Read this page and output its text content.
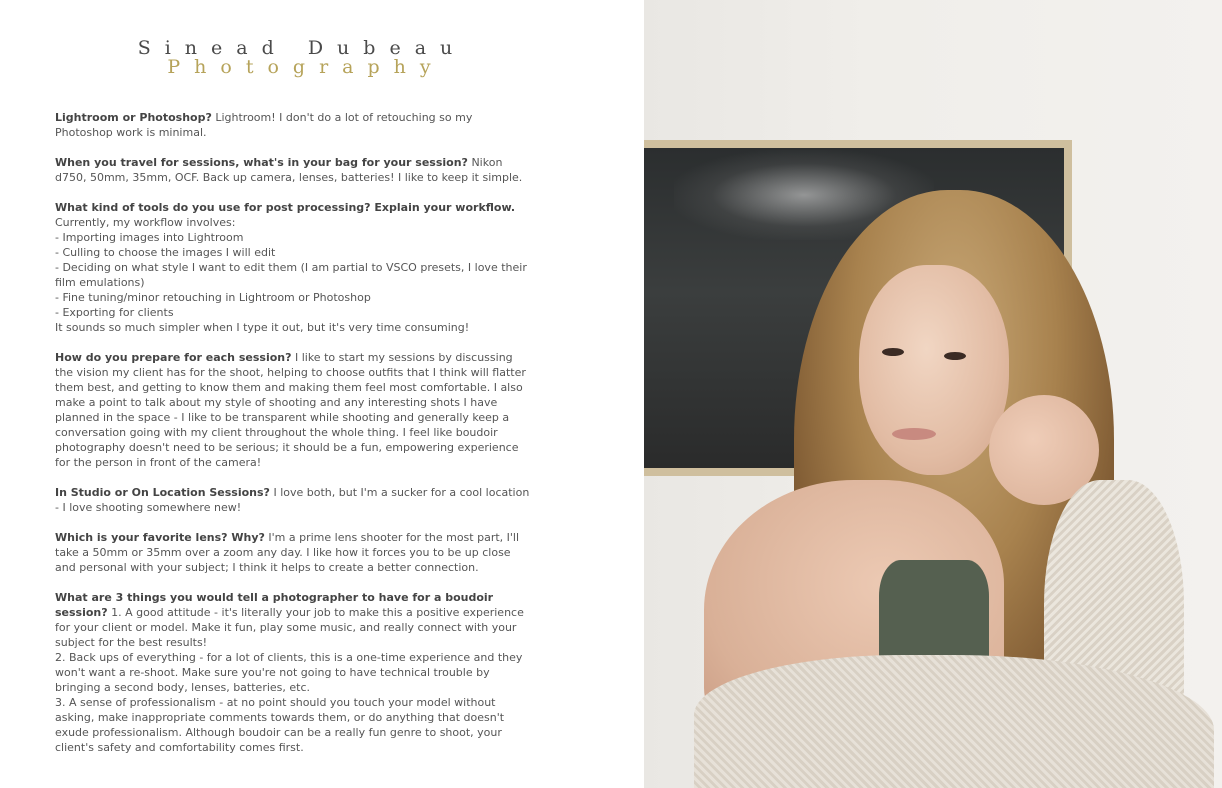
Sinead Dubeau
Photography

Lightroom or Photoshop? Lightroom! I don't do a lot of retouching so my Photoshop work is minimal.

When you travel for sessions, what's in your bag for your session? Nikon d750, 50mm, 35mm, OCF. Back up camera, lenses, batteries! I like to keep it simple.

What kind of tools do you use for post processing? Explain your workflow. Currently, my workflow involves:
- Importing images into Lightroom
- Culling to choose the images I will edit
- Deciding on what style I want to edit them (I am partial to VSCO presets, I love their film emulations)
- Fine tuning/minor retouching in Lightroom or Photoshop
- Exporting for clients
It sounds so much simpler when I type it out, but it's very time consuming!

How do you prepare for each session? I like to start my sessions by discussing the vision my client has for the shoot, helping to choose outfits that I think will flatter them best, and getting to know them and making them feel most comfortable. I also make a point to talk about my style of shooting and any interesting shots I have planned in the space - I like to be transparent while shooting and generally keep a conversation going with my client throughout the whole thing. I feel like boudoir photography doesn't need to be serious; it should be a fun, empowering experience for the person in front of the camera!

In Studio or On Location Sessions? I love both, but I'm a sucker for a cool location - I love shooting somewhere new!

Which is your favorite lens? Why? I'm a prime lens shooter for the most part, I'll take a 50mm or 35mm over a zoom any day. I like how it forces you to be up close and personal with your subject; I think it helps to create a better connection.

What are 3 things you would tell a photographer to have for a boudoir session? 1. A good attitude - it's literally your job to make this a positive experience for your client or model. Make it fun, play some music, and really connect with your subject for the best results!
2. Back ups of everything - for a lot of clients, this is a one-time experience and they won't want a re-shoot. Make sure you're not going to have technical trouble by bringing a second body, lenses, batteries, etc.
3. A sense of professionalism - at no point should you touch your model without asking, make inappropriate comments towards them, or do anything that doesn't exude professionalism. Although boudoir can be a really fun genre to shoot, your client's safety and comfortability comes first.
